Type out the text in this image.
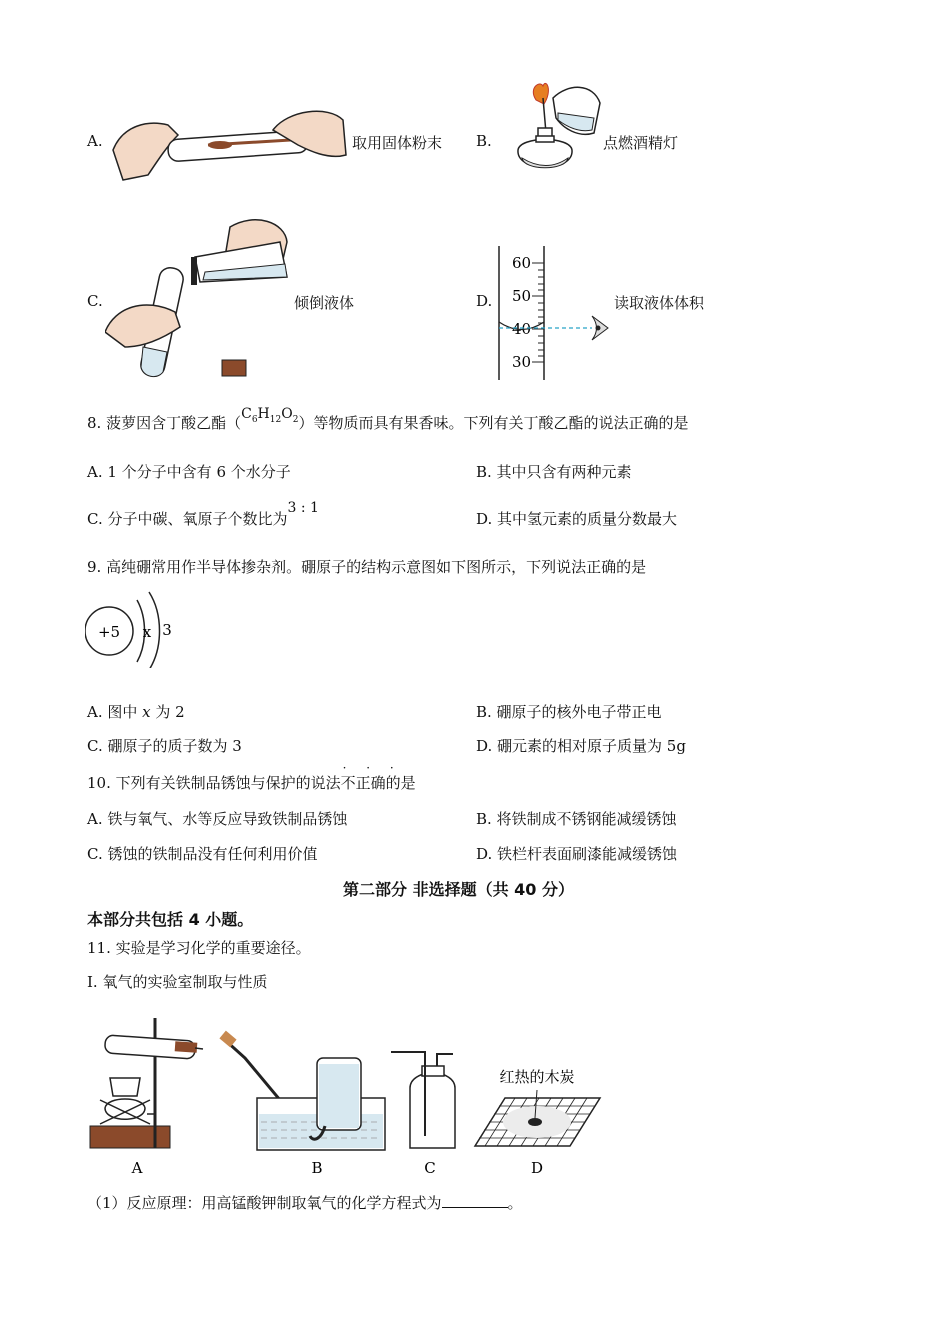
A.	取用固体粉末 B.	点燃酒精灯
C.	倾倒液体	D.
60
50
40
30
读取液体体积
8. 菠萝因含丁酸乙酯$(C_6H_{12}O_2)$等物质而具有果香味。下列有关丁酸乙酯的说法正确的是
A. 1 个分子中含有 6 个水分子	B. 其中只含有两种元素
C. 分子中碳、氧原子个数比为3 : 1
D. 其中氢元素的质量分数最大
9. 高纯硼常用作半导体掺杂剂。硼原子的结构示意图如下图所示，下列说法正确的是
+5 x 3
A. 图中 x 为 2	B. 硼原子的核外电子带正电
C. 硼原子的质子数为 3	D. 硼元素的相对原子质量为 5g
10. 下列有关铁制品锈蚀与保护的说法
· · ·
不正确的是
A. 铁与氧气、水等反应导致铁制品锈蚀	B. 将铁制成不锈钢能减缓锈蚀
C. 锈蚀的铁制品没有任何利用价值	D. 铁栏杆表面刷漆能减缓锈蚀
第二部分 非选择题（共 40 分）
本部分共包括 4 小题。
11. 实验是学习化学的重要途径。
I. 氧气的实验室制取与性质
红热的木炭
A	B	C	D
（1）反应原理：用高锰酸钾制取氧气的化学方程式为	。
